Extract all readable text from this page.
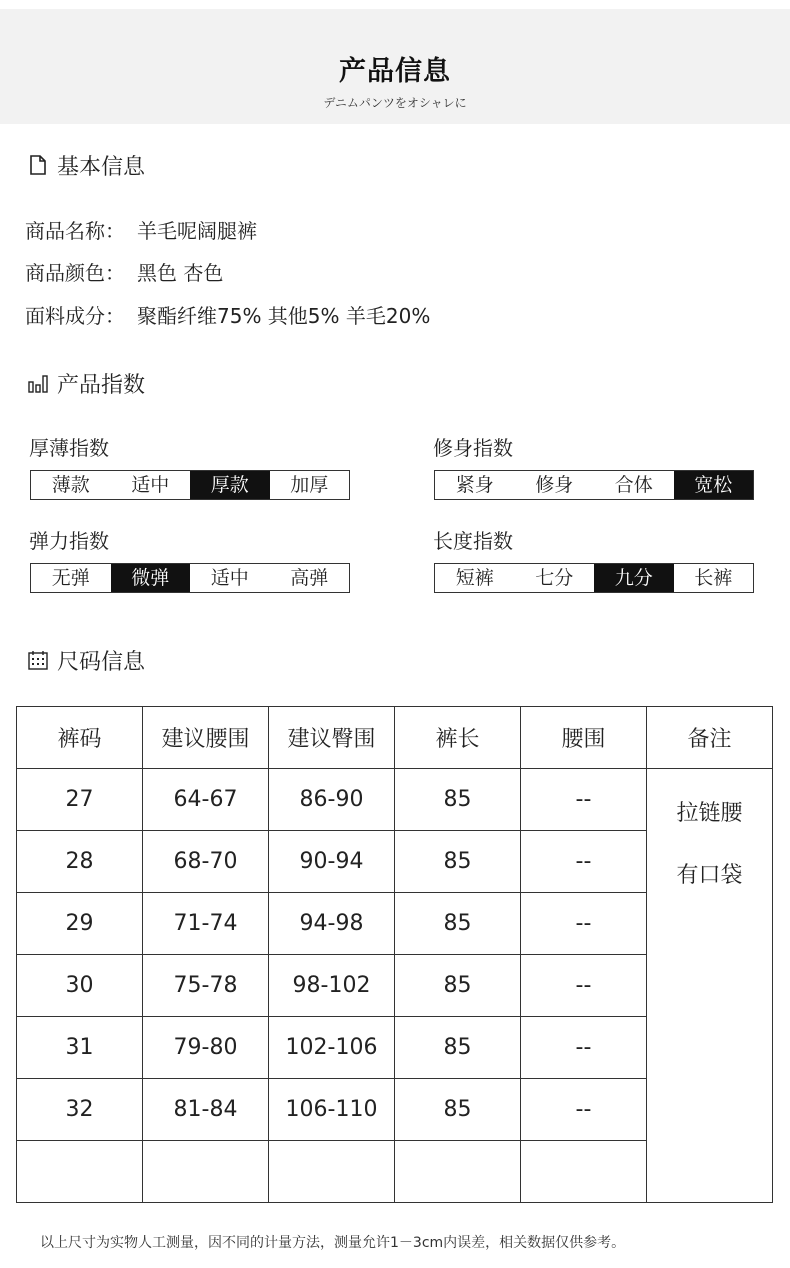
产品信息
デニムパンツをオシャレに
基本信息
商品名称： 羊毛呢阔腿裤
商品颜色： 黑色 杏色
面料成分： 聚酯纤维75% 其他5% 羊毛20%
产品指数
厚薄指数
薄款	适中	厚款	加厚
修身指数
紧身	修身	合体	宽松
弹力指数
无弹	微弹	适中	高弹
长度指数
短裤	七分	九分	长裤
尺码信息
裤码	建议腰围	建议臀围	裤长	腰围	备注
27	64-67	86-90	85	--	拉链腰
有口袋

28	68-70	90-94	85	--	
29	71-74	94-98	85	--	
30	75-78	98-102	85	--	
31	79-80	102-106	85	--	
32	81-84	106-110	85	--	

以上尺寸为实物人工测量，因不同的计量方法，测量允许1－3cm内误差，相关数据仅供参考。
